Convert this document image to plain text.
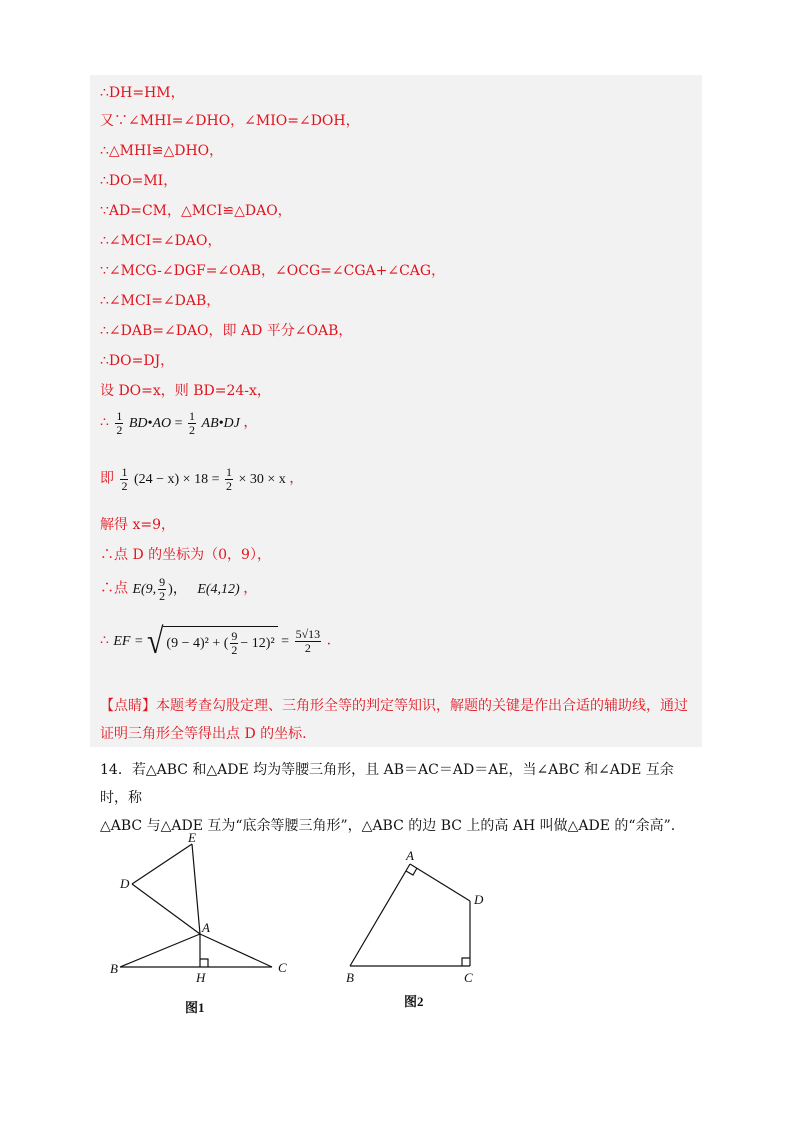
∴DH=HM，
又∵∠MHI=∠DHO，∠MIO=∠DOH，
∴△MHI≌△DHO，
∴DO=MI，
∵AD=CM，△MCI≌△DAO，
∴∠MCI=∠DAO，
∵∠MCG-∠DGF=∠OAB，∠OCG=∠CGA+∠CAG，
∴∠MCI=∠DAB，
∴∠DAB=∠DAO，即 AD 平分∠OAB，
∴DO=DJ，
设 DO=x，则 BD=24-x，
∴ $\frac{1}{2}$ BD•AO = $\frac{1}{2}$ AB•DJ ，
即 $\frac{1}{2} (24 - x) \times 18 = \frac{1}{2} \times 30 \times x$ ，
解得 x=9，
∴点 D 的坐标为（0，9），
∴点 E(9, $\frac{9}{2}$ )，   E(4,12) ，
∴ EF = √ (9 − 4)² + ( $\frac{9}{2} - 12)^2 = \frac{5√13}{2}$ .
【点睛】本题考查勾股定理、三角形全等的判定等知识，解题的关键是作出合适的辅助线，通过证明三角形全等得出点 D 的坐标.
14．若△ABC 和△ADE 均为等腰三角形，且 AB＝AC＝AD＝AE，当∠ABC 和∠ADE 互余时，称
△ABC 与△ADE 互为“底余等腰三角形”，△ABC 的边 BC 上的高 AH 叫做△ADE 的“余高”.
E
D
A
B
H
C
图1
A
D
B	C
图2
